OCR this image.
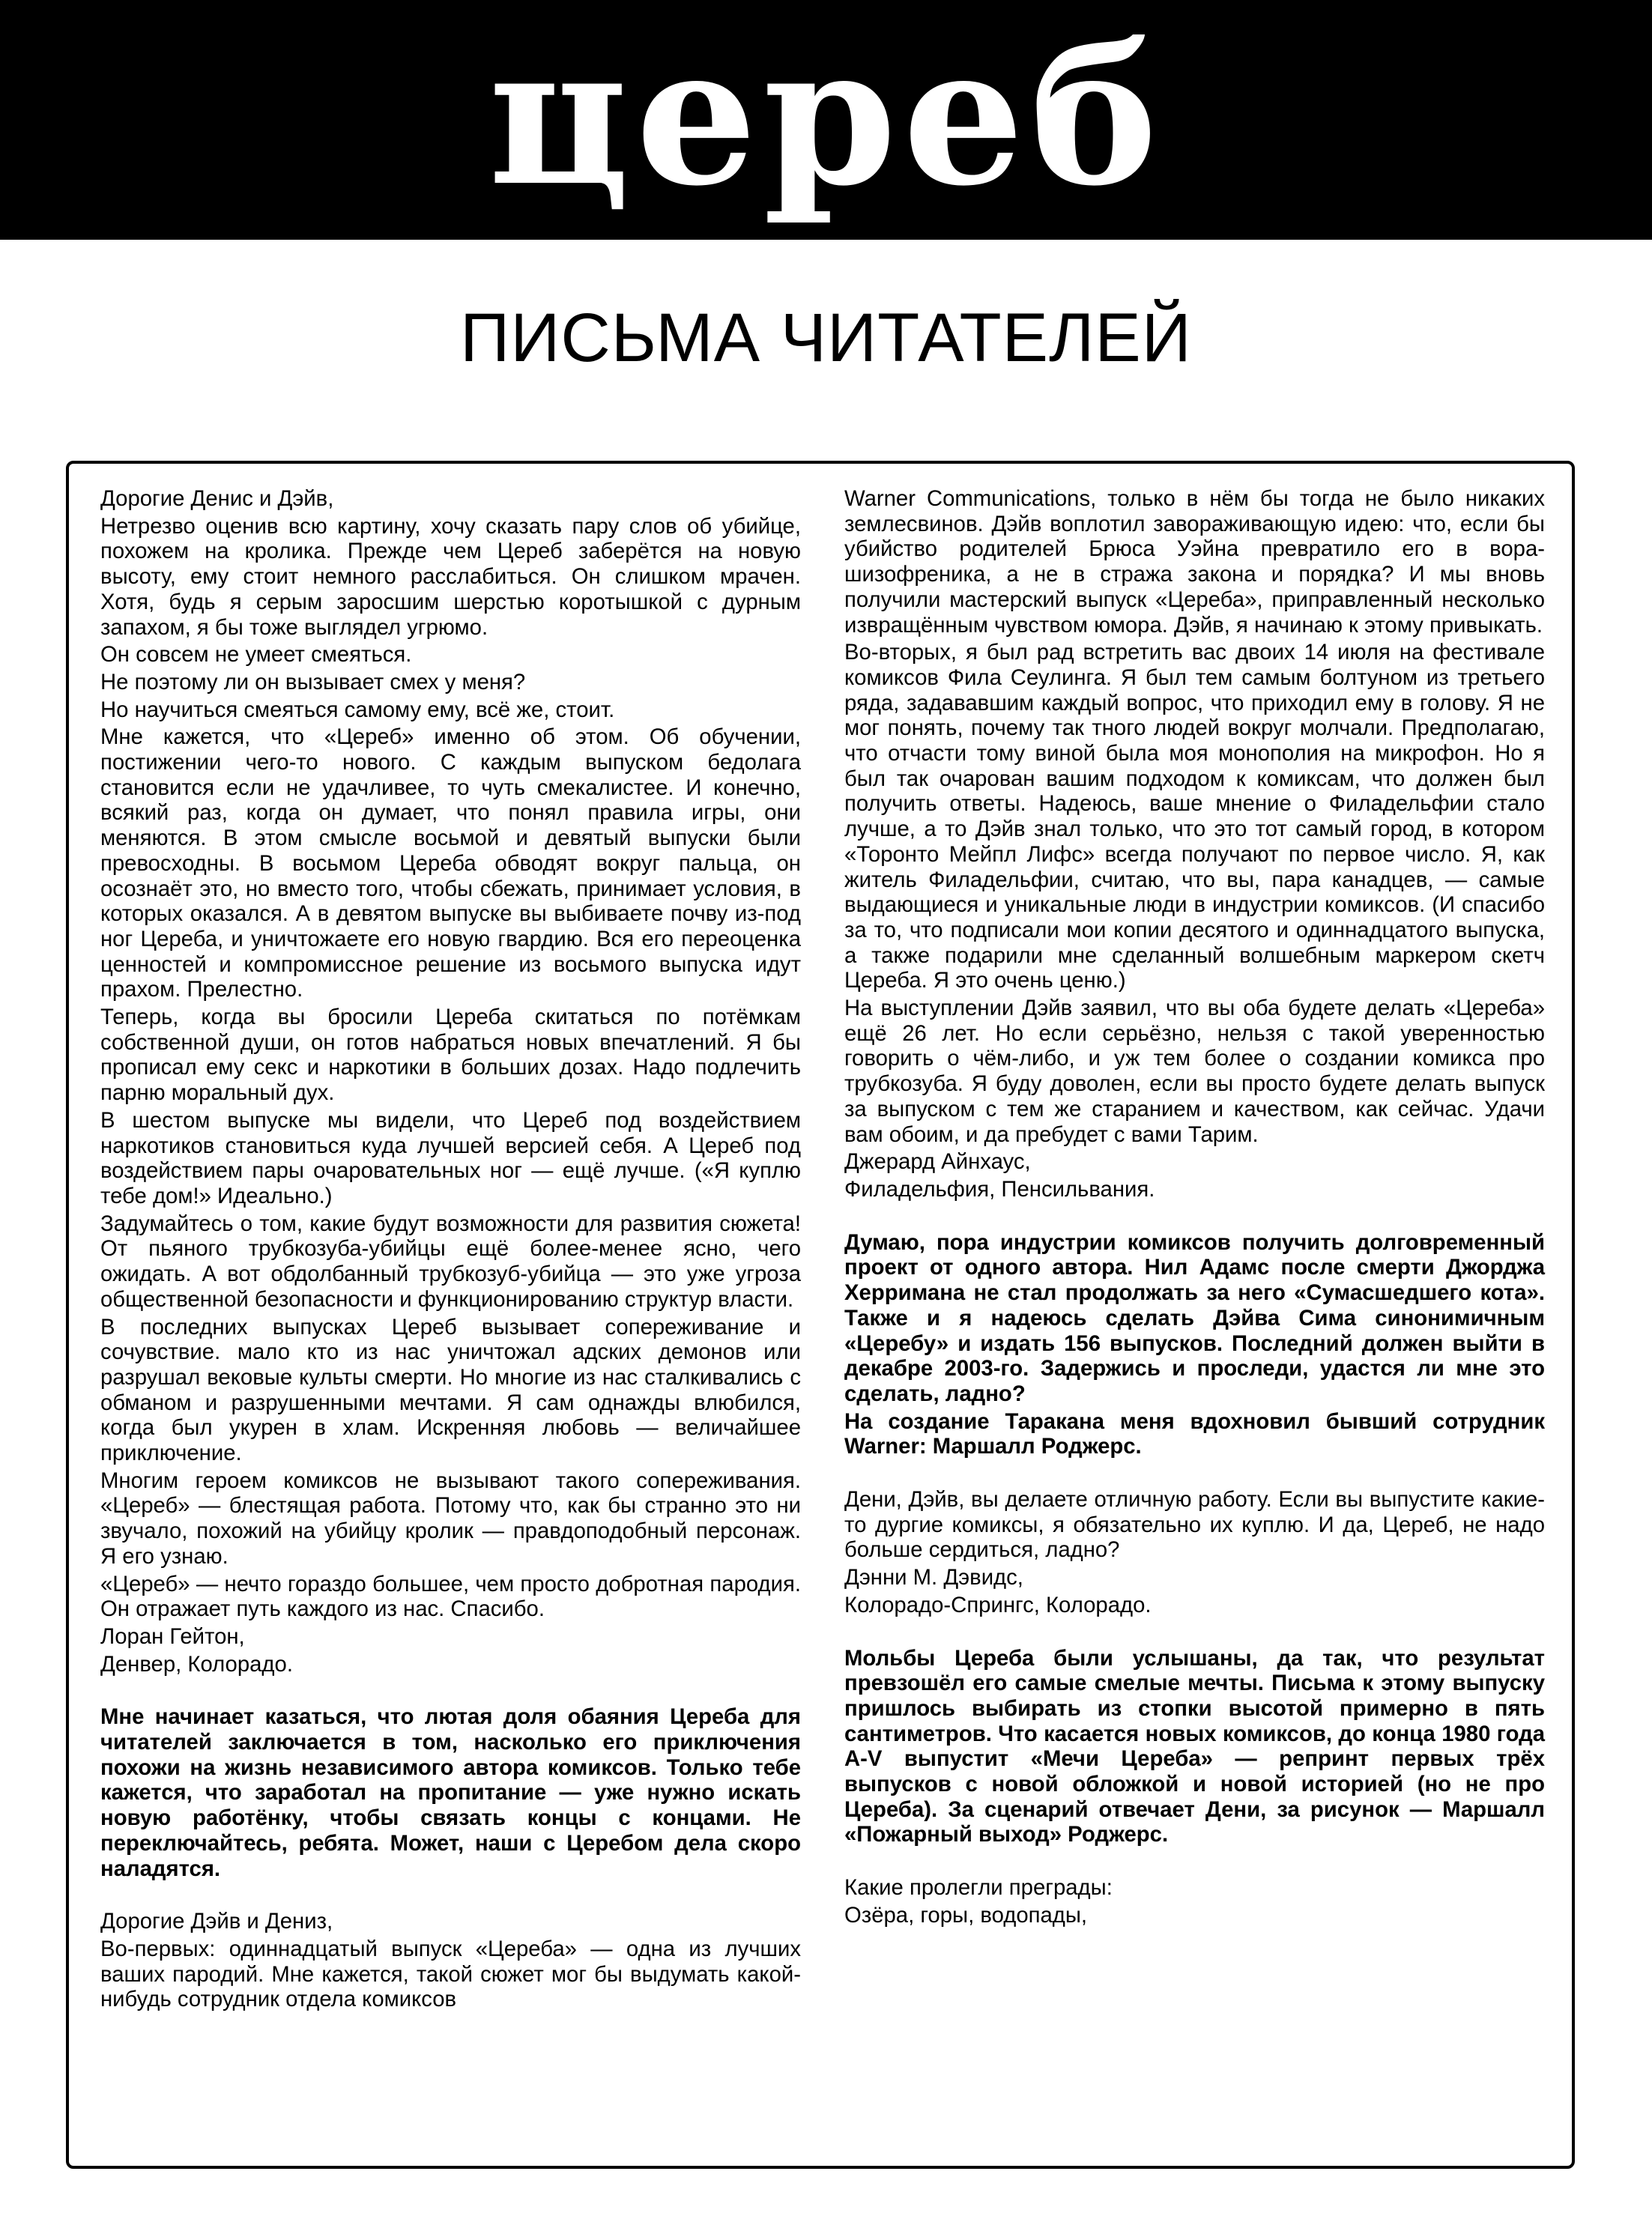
цереб
ПИСЬМА ЧИТАТЕЛЕЙ

Дорогие Денис и Дэйв,

Нетрезво оценив всю картину, хочу сказать пару слов об убийце, похожем на кролика. Прежде чем Цереб заберётся на новую высоту, ему стоит немного расслабиться. Он слишком мрачен. Хотя, будь я серым заросшим шерстью коротышкой с дурным запахом, я бы тоже выглядел угрюмо.

Он совсем не умеет смеяться.

Не поэтому ли он вызывает смех у меня?

Но научиться смеяться самому ему, всё же, стоит.

Мне кажется, что «Цереб» именно об этом. Об обучении, постижении чего-то нового. С каждым выпуском бедолага становится если не удачливее, то чуть смекалистее. И конечно, всякий раз, когда он думает, что понял правила игры, они меняются. В этом смысле восьмой и девятый выпуски были превосходны. В восьмом Цереба обводят вокруг пальца, он осознаёт это, но вместо того, чтобы сбежать, принимает условия, в которых оказался. А в девятом выпуске вы выбиваете почву из-под ног Цереба, и уничтожаете его новую гвардию. Вся его переоценка ценностей и компромиссное решение из восьмого выпуска идут прахом. Прелестно.

Теперь, когда вы бросили Цереба скитаться по потёмкам собственной души, он готов набраться новых впечатлений. Я бы прописал ему секс и наркотики в больших дозах. Надо подлечить парню моральный дух.

В шестом выпуске мы видели, что Цереб под воздействием наркотиков становиться куда лучшей версией себя. А Цереб под воздействием пары очаровательных ног — ещё лучше. («Я куплю тебе дом!» Идеально.)

Задумайтесь о том, какие будут возможности для развития сюжета! От пьяного трубкозуба-убийцы ещё более-менее ясно, чего ожидать. А вот обдолбанный трубкозуб-убийца — это уже угроза общественной безопасности и функционированию структур власти.

В последних выпусках Цереб вызывает сопереживание и сочувствие. мало кто из нас уничтожал адских демонов или разрушал вековые культы смерти. Но многие из нас сталкивались с обманом и разрушенными мечтами. Я сам однажды влюбился, когда был укурен в хлам. Искренняя любовь — величайшее приключение.

Многим героем комиксов не вызывают такого сопереживания. «Цереб» — блестящая работа. Потому что, как бы странно это ни звучало, похожий на убийцу кролик — правдоподобный персонаж. Я его узнаю.

«Цереб» — нечто гораздо большее, чем просто добротная пародия. Он отражает путь каждого из нас. Спасибо.

Лоран Гейтон,

Денвер, Колорадо.

Мне начинает казаться, что лютая доля обаяния Цереба для читателей заключается в том, насколько его приключения похожи на жизнь независимого автора комиксов. Только тебе кажется, что заработал на пропитание — уже нужно искать новую работёнку, чтобы связать концы с концами. Не переключайтесь, ребята. Может, наши с Церебом дела скоро наладятся.

Дорогие Дэйв и Дениз,

Во-первых: одиннадцатый выпуск «Цереба» — одна из лучших ваших пародий. Мне кажется, такой сюжет мог бы выдумать какой-нибудь сотрудник отдела комиксов

Warner Communications, только в нём бы тогда не было никаких землесвинов. Дэйв воплотил завораживающую идею: что, если бы убийство родителей Брюса Уэйна превратило его в вора-шизофреника, а не в стража закона и порядка? И мы вновь получили мастерский выпуск «Цереба», приправленный несколько извращённым чувством юмора. Дэйв, я начинаю к этому привыкать.

Во-вторых, я был рад встретить вас двоих 14 июля на фестивале комиксов Фила Сеулинга. Я был тем самым болтуном из третьего ряда, задававшим каждый вопрос, что приходил ему в голову. Я не мог понять, почему так тного людей вокруг молчали. Предполагаю, что отчасти тому виной была моя монополия на микрофон. Но я был так очарован вашим подходом к комиксам, что должен был получить ответы. Надеюсь, ваше мнение о Филадельфии стало лучше, а то Дэйв знал только, что это тот самый город, в котором «Торонто Мейпл Лифс» всегда получают по первое число. Я, как житель Филадельфии, считаю, что вы, пара канадцев, — самые выдающиеся и уникальные люди в индустрии комиксов. (И спасибо за то, что подписали мои копии десятого и одиннадцатого выпуска, а также подарили мне сделанный волшебным маркером скетч Цереба. Я это очень ценю.)

На выступлении Дэйв заявил, что вы оба будете делать «Цереба» ещё 26 лет. Но если серьёзно, нельзя с такой уверенностью говорить о чём-либо, и уж тем более о создании комикса про трубкозуба. Я буду доволен, если вы просто будете делать выпуск за выпуском с тем же старанием и качеством, как сейчас. Удачи вам обоим, и да пребудет с вами Тарим.

Джерард Айнхаус,

Филадельфия, Пенсильвания.

Думаю, пора индустрии комиксов получить долговременный проект от одного автора. Нил Адамс после смерти Джорджа Херримана не стал продолжать за него «Сумасшедшего кота». Также и я надеюсь сделать Дэйва Сима синонимичным «Церебу» и издать 156 выпусков. Последний должен выйти в декабре 2003-го. Задержись и проследи, удастся ли мне это сделать, ладно?

На создание Таракана меня вдохновил бывший сотрудник Warner: Маршалл Роджерс.

Дени, Дэйв, вы делаете отличную работу. Если вы выпустите какие-то дургие комиксы, я обязательно их куплю. И да, Цереб, не надо больше сердиться, ладно?

Дэнни М. Дэвидс,

Колорадо-Спрингс, Колорадо.

Мольбы Цереба были услышаны, да так, что результат превзошёл его самые смелые мечты. Письма к этому выпуску пришлось выбирать из стопки высотой примерно в пять сантиметров. Что касается новых комиксов, до конца 1980 года A-V выпустит «Мечи Цереба» — репринт первых трёх выпусков с новой обложкой и новой историей (но не про Цереба). За сценарий отвечает Дени, за рисунок — Маршалл «Пожарный выход» Роджерс.

Какие пролегли преграды:

Озёра, горы, водопады,
